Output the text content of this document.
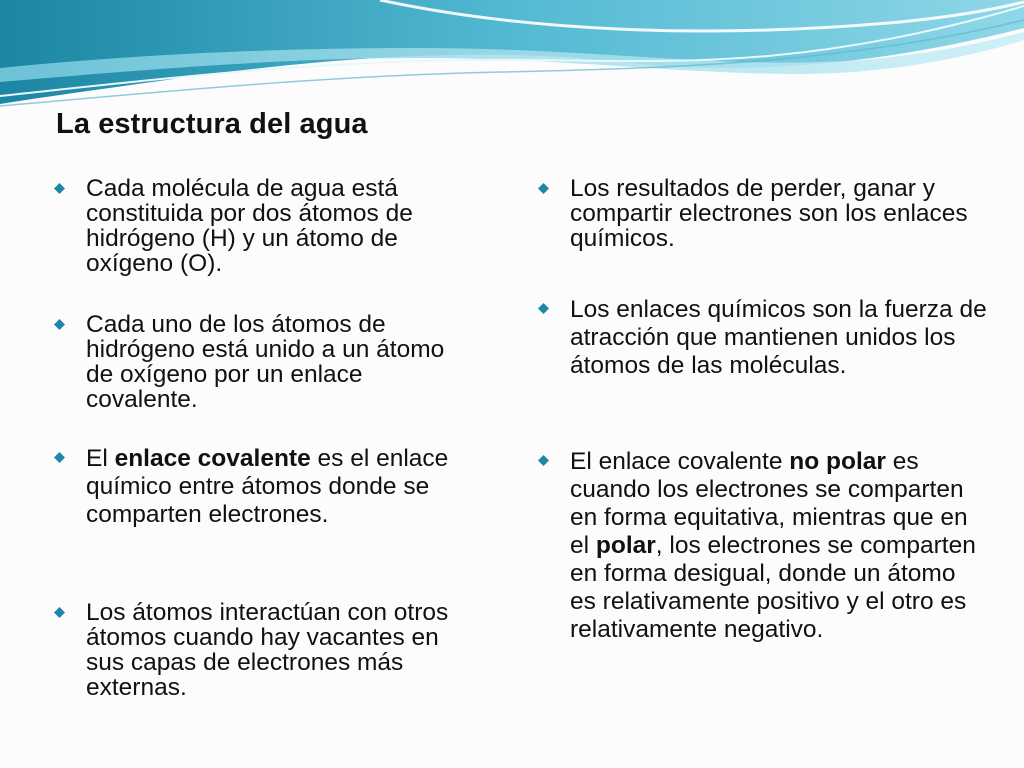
La estructura del agua
Cada molécula de agua está constituida por dos átomos de hidrógeno (H) y un átomo de oxígeno (O).
Cada uno de los átomos de hidrógeno está unido a un átomo de oxígeno por un enlace covalente.
El enlace covalente es el enlace químico entre átomos donde se comparten electrones.
Los átomos interactúan con otros átomos cuando hay vacantes en sus capas de electrones más externas.
Los resultados de perder, ganar y compartir electrones son los enlaces químicos.
Los enlaces químicos son la fuerza de atracción que mantienen unidos los átomos de las moléculas.
El enlace covalente no polar es cuando los electrones se comparten en forma equitativa, mientras que en el polar, los electrones se comparten en forma desigual, donde un átomo es relativamente positivo y el otro es relativamente negativo.
